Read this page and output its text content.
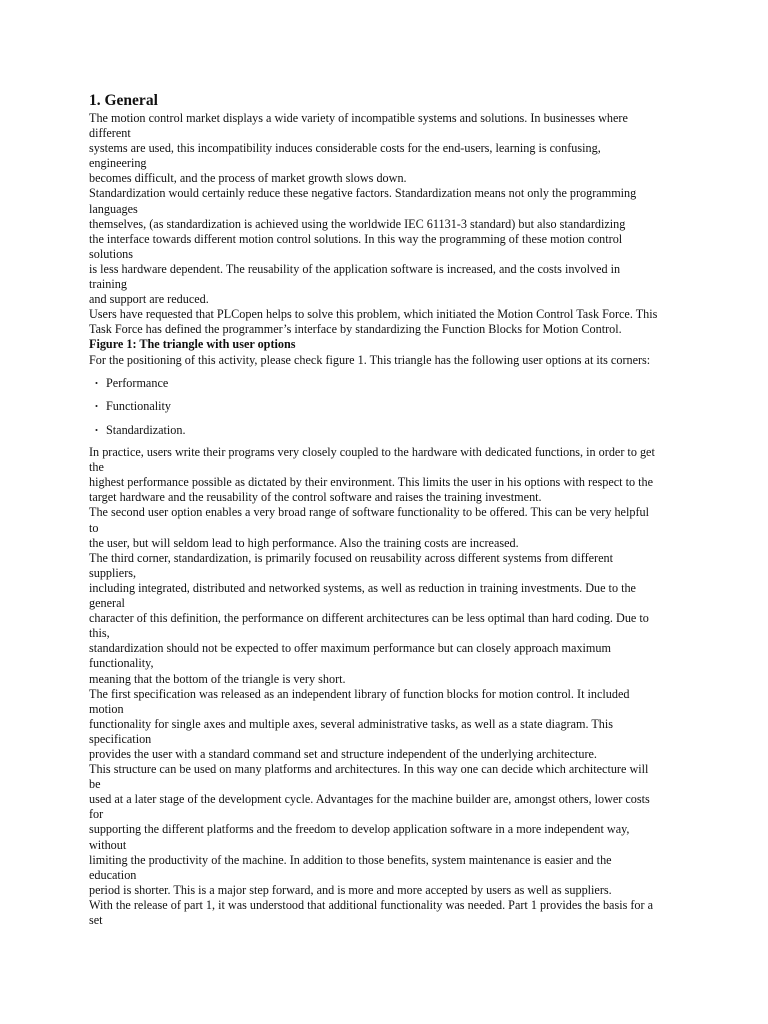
1. General
The motion control market displays a wide variety of incompatible systems and solutions. In businesses where
different
systems are used, this incompatibility induces considerable costs for the end-users, learning is confusing,
engineering
becomes difficult, and the process of market growth slows down.
Standardization would certainly reduce these negative factors. Standardization means not only the programming
languages
themselves, (as standardization is achieved using the worldwide IEC 61131-3 standard) but also standardizing
the interface towards different motion control solutions. In this way the programming of these motion control
solutions
is less hardware dependent. The reusability of the application software is increased, and the costs involved in
training
and support are reduced.
Users have requested that PLCopen helps to solve this problem, which initiated the Motion Control Task Force. This
Task Force has defined the programmer’s interface by standardizing the Function Blocks for Motion Control.
Figure 1: The triangle with user options
For the positioning of this activity, please check figure 1. This triangle has the following user options at its corners:
・ Performance
・ Functionality
・ Standardization.
In practice, users write their programs very closely coupled to the hardware with dedicated functions, in order to get
the
highest performance possible as dictated by their environment. This limits the user in his options with respect to the
target hardware and the reusability of the control software and raises the training investment.
The second user option enables a very broad range of software functionality to be offered. This can be very helpful
to
the user, but will seldom lead to high performance. Also the training costs are increased.
The third corner, standardization, is primarily focused on reusability across different systems from different
suppliers,
including integrated, distributed and networked systems, as well as reduction in training investments. Due to the
general
character of this definition, the performance on different architectures can be less optimal than hard coding. Due to
this,
standardization should not be expected to offer maximum performance but can closely approach maximum
functionality,
meaning that the bottom of the triangle is very short.
The first specification was released as an independent library of function blocks for motion control. It included
motion
functionality for single axes and multiple axes, several administrative tasks, as well as a state diagram. This
specification
provides the user with a standard command set and structure independent of the underlying architecture.
This structure can be used on many platforms and architectures. In this way one can decide which architecture will
be
used at a later stage of the development cycle. Advantages for the machine builder are, amongst others, lower costs
for
supporting the different platforms and the freedom to develop application software in a more independent way,
without
limiting the productivity of the machine. In addition to those benefits, system maintenance is easier and the
education
period is shorter. This is a major step forward, and is more and more accepted by users as well as suppliers.
With the release of part 1, it was understood that additional functionality was needed. Part 1 provides the basis for a
set
